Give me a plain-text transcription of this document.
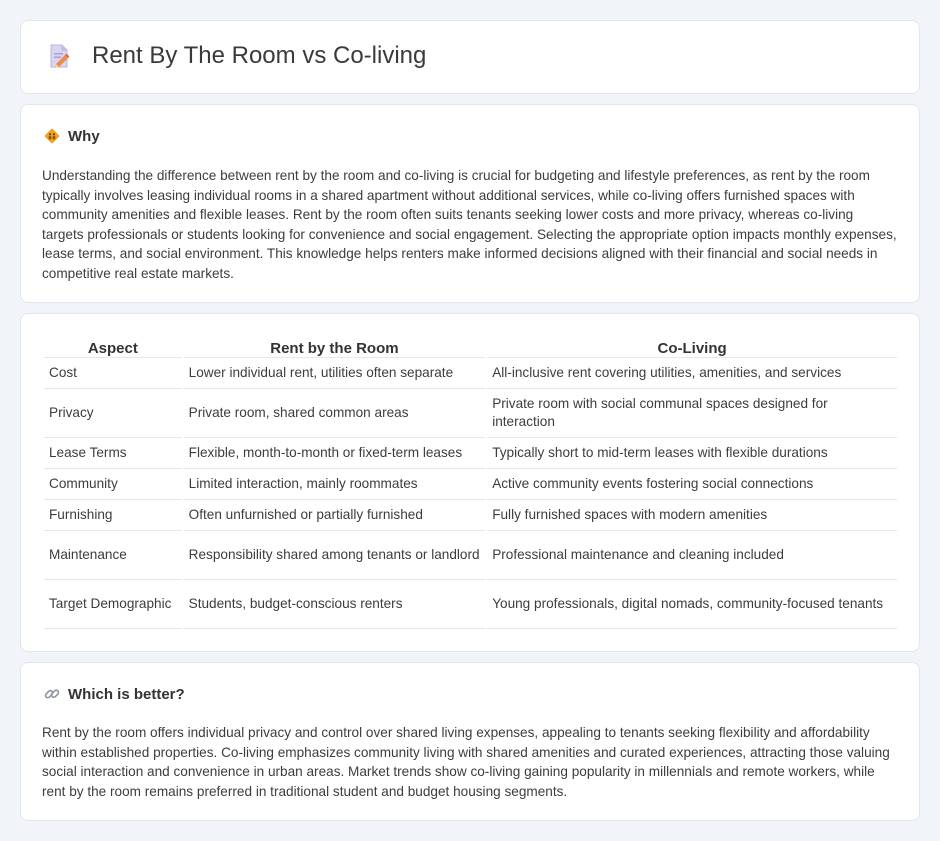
Rent By The Room vs Co-living
Why

Understanding the difference between rent by the room and co-living is crucial for budgeting and lifestyle preferences, as rent by the room typically involves leasing individual rooms in a shared apartment without additional services, while co-living offers furnished spaces with community amenities and flexible leases. Rent by the room often suits tenants seeking lower costs and more privacy, whereas co-living targets professionals or students looking for convenience and social engagement. Selecting the appropriate option impacts monthly expenses, lease terms, and social environment. This knowledge helps renters make informed decisions aligned with their financial and social needs in competitive real estate markets.

Aspect	Rent by the Room	Co-Living
Cost	Lower individual rent, utilities often separate	All-inclusive rent covering utilities, amenities, and services
Privacy	Private room, shared common areas	Private room with social communal spaces designed for interaction
Lease Terms	Flexible, month-to-month or fixed-term leases	Typically short to mid-term leases with flexible durations
Community	Limited interaction, mainly roommates	Active community events fostering social connections
Furnishing	Often unfurnished or partially furnished	Fully furnished spaces with modern amenities
Maintenance	Responsibility shared among tenants or landlord	Professional maintenance and cleaning included
Target Demographic	Students, budget-conscious renters	Young professionals, digital nomads, community-focused tenants
Which is better?

Rent by the room offers individual privacy and control over shared living expenses, appealing to tenants seeking flexibility and affordability within established properties. Co-living emphasizes community living with shared amenities and curated experiences, attracting those valuing social interaction and convenience in urban areas. Market trends show co-living gaining popularity in millennials and remote workers, while rent by the room remains preferred in traditional student and budget housing segments.
